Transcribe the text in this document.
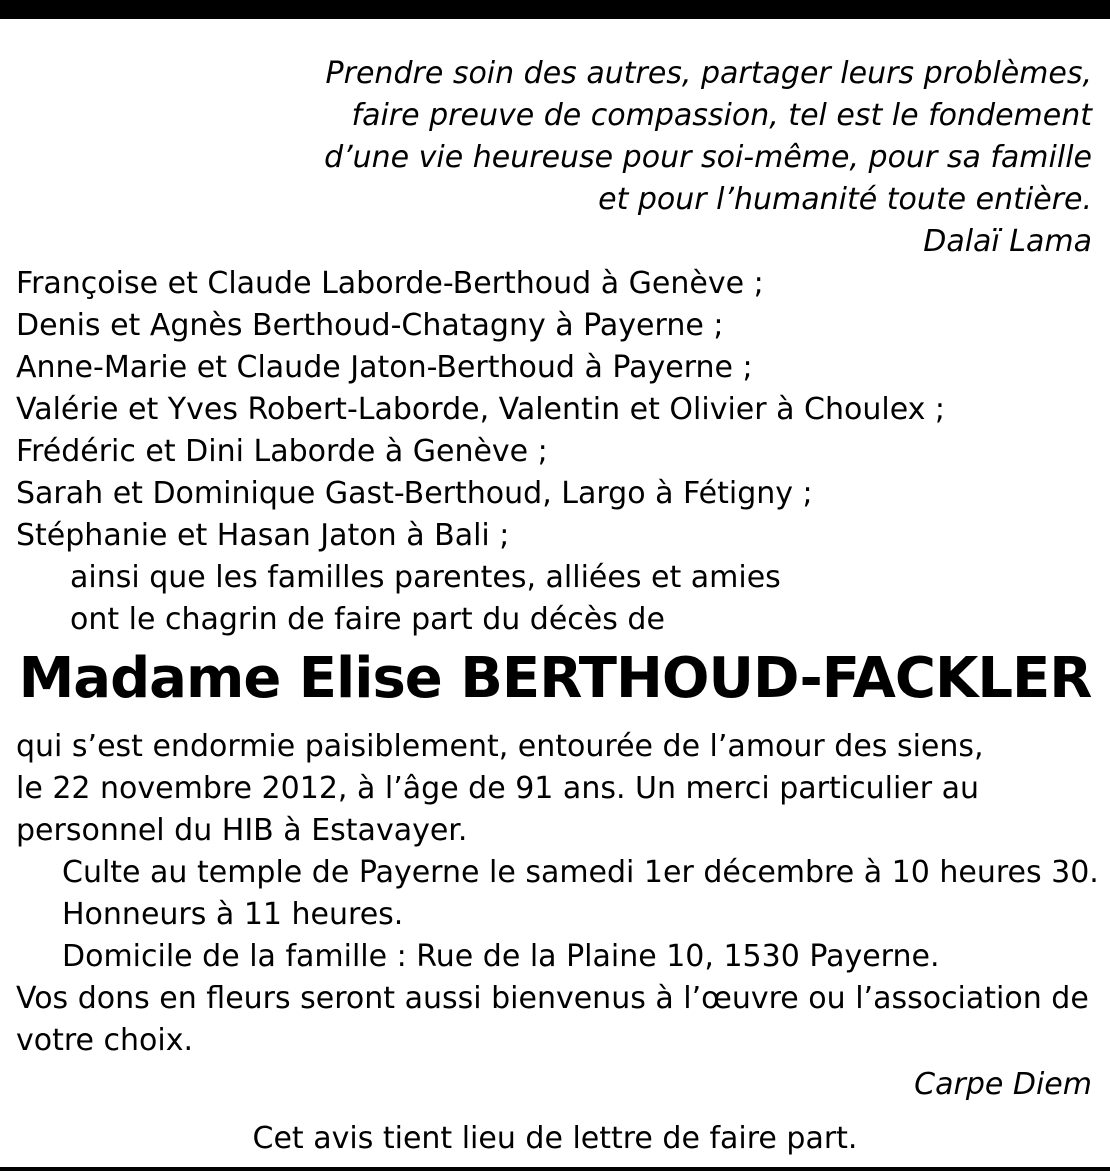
Prendre soin des autres, partager leurs problèmes,
faire preuve de compassion, tel est le fondement
d’une vie heureuse pour soi-même, pour sa famille
et pour l’humanité toute entière.
Dalaï Lama
Françoise et Claude Laborde-Berthoud à Genève ;
Denis et Agnès Berthoud-Chatagny à Payerne ;
Anne-Marie et Claude Jaton-Berthoud à Payerne ;
Valérie et Yves Robert-Laborde, Valentin et Olivier à Choulex ;
Frédéric et Dini Laborde à Genève ;
Sarah et Dominique Gast-Berthoud, Largo à Fétigny ;
Stéphanie et Hasan Jaton à Bali ;
ainsi que les familles parentes, alliées et amies
ont le chagrin de faire part du décès de
Madame Elise BERTHOUD-FACKLER
qui s’est endormie paisiblement, entourée de l’amour des siens,
le 22 novembre 2012, à l’âge de 91 ans. Un merci particulier au
personnel du HIB à Estavayer.
Culte au temple de Payerne le samedi 1er décembre à 10 heures 30.
Honneurs à 11 heures.
Domicile de la famille : Rue de la Plaine 10, 1530 Payerne.
Vos dons en fleurs seront aussi bienvenus à l’œuvre ou l’association de
votre choix.
Carpe Diem
Cet avis tient lieu de lettre de faire part.
